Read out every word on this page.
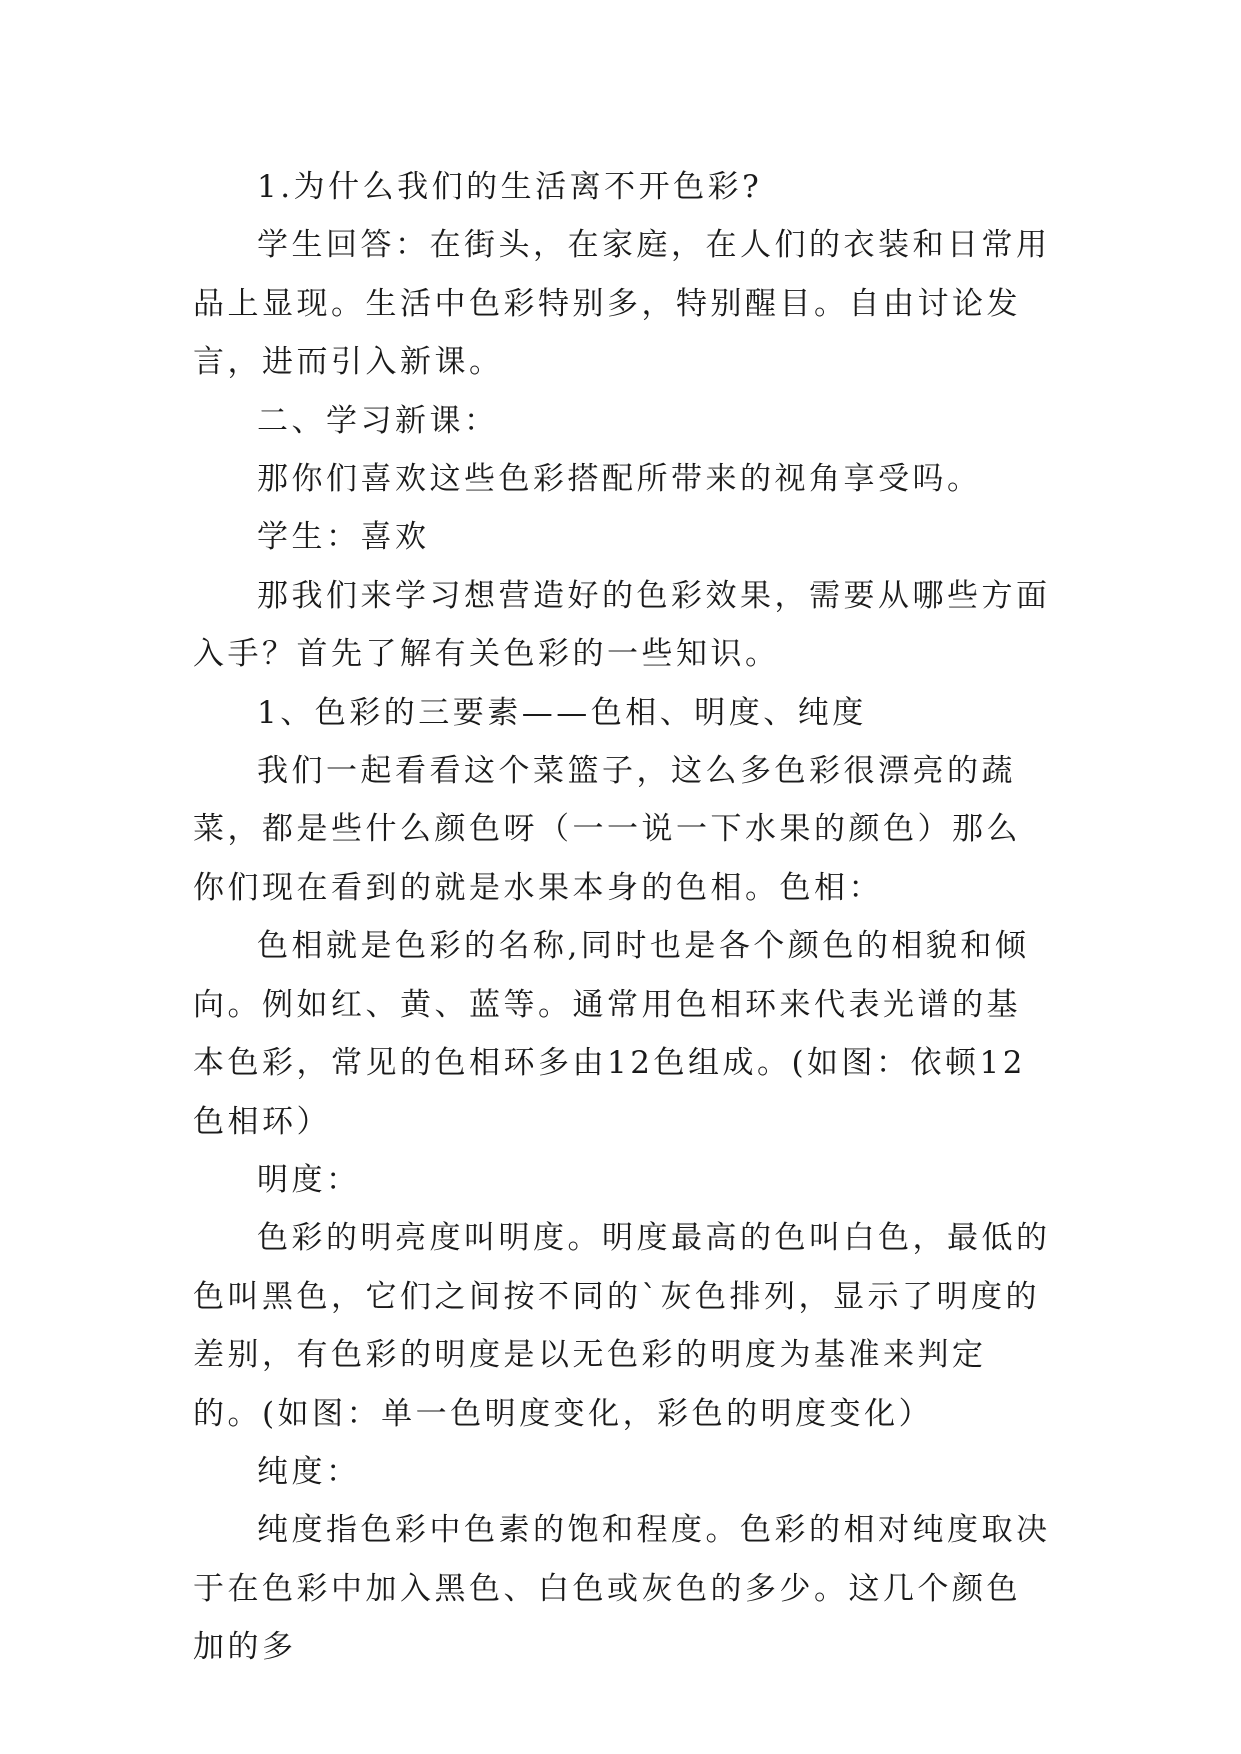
1.为什么我们的生活离不开色彩?

学生回答：在街头，在家庭，在人们的衣装和日常用品上显现。生活中色彩特别多，特别醒目。自由讨论发言，进而引入新课。

二、学习新课：

那你们喜欢这些色彩搭配所带来的视角享受吗。

学生：喜欢

那我们来学习想营造好的色彩效果，需要从哪些方面入手？首先了解有关色彩的一些知识。

1、色彩的三要素——色相、明度、纯度

我们一起看看这个菜篮子，这么多色彩很漂亮的蔬菜，都是些什么颜色呀（一一说一下水果的颜色）那么你们现在看到的就是水果本身的色相。色相：

色相就是色彩的名称,同时也是各个颜色的相貌和倾向。例如红、黄、蓝等。通常用色相环来代表光谱的基本色彩，常见的色相环多由12色组成。(如图：依顿12色相环）

明度：

色彩的明亮度叫明度。明度最高的色叫白色，最低的色叫黑色，它们之间按不同的`灰色排列，显示了明度的差别，有色彩的明度是以无色彩的明度为基准来判定的。(如图：单一色明度变化，彩色的明度变化）

纯度：

纯度指色彩中色素的饱和程度。色彩的相对纯度取决于在色彩中加入黑色、白色或灰色的多少。这几个颜色加的多
